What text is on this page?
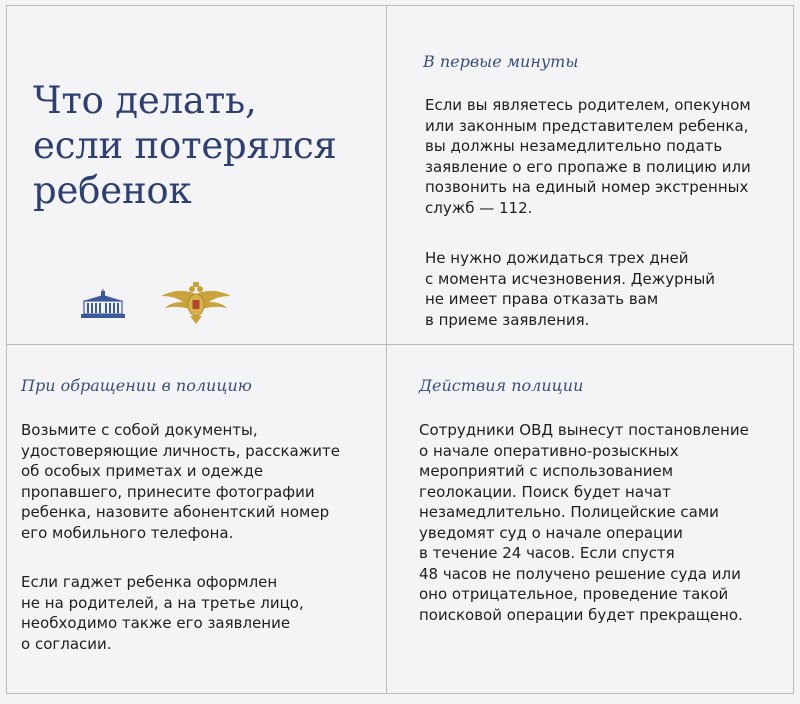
Что делать,
если потерялся
ребенок
В первые минуты

Если вы являетесь родителем, опекуном
или законным представителем ребенка,
вы должны незамедлительно подать
заявление о его пропаже в полицию или
позвонить на единый номер экстренных
служб — 112.

Не нужно дожидаться трех дней
с момента исчезновения. Дежурный
не имеет права отказать вам
в приеме заявления.

При обращении в полицию

Возьмите с собой документы,
удостоверяющие личность, расскажите
об особых приметах и одежде
пропавшего, принесите фотографии
ребенка, назовите абонентский номер
его мобильного телефона.

Если гаджет ребенка оформлен
не на родителей, а на третье лицо,
необходимо также его заявление
о согласии.

Действия полиции

Сотрудники ОВД вынесут постановление
о начале оперативно-розыскных
мероприятий с использованием
геолокации. Поиск будет начат
незамедлительно. Полицейские сами
уведомят суд о начале операции
в течение 24 часов. Если спустя
48 часов не получено решение суда или
оно отрицательное, проведение такой
поисковой операции будет прекращено.
